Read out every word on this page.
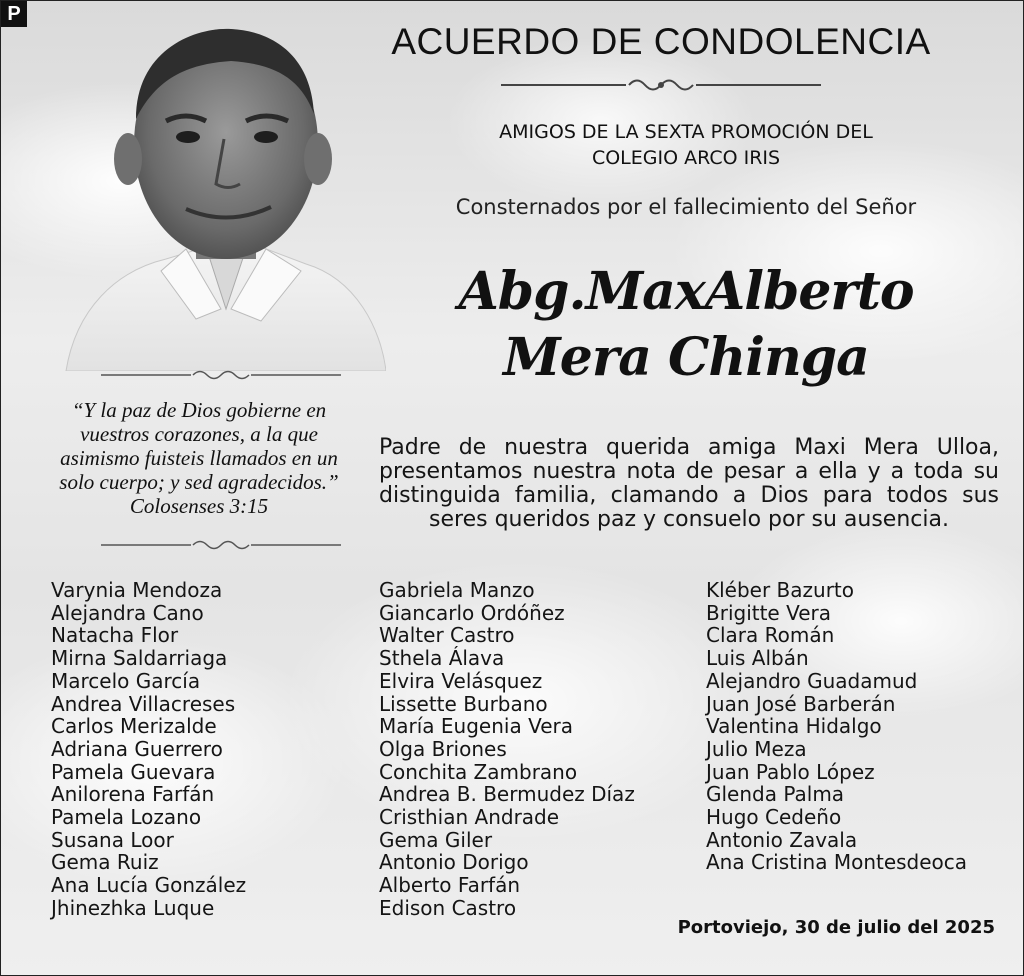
P
ACUERDO DE CONDOLENCIA
AMIGOS DE LA SEXTA PROMOCIÓN DEL
COLEGIO ARCO IRIS
Consternados por el fallecimiento del Señor
Abg.MaxAlberto
Mera Chinga
Padre de nuestra querida amiga Maxi Mera Ulloa, presentamos nuestra nota de pesar a ella y a toda su distinguida familia, clamando a Dios para todos sus seres queridos paz y consuelo por su ausencia.
“Y la paz de Dios gobierne en
vuestros corazones, a la que
asimismo fuisteis llamados en un
solo cuerpo; y sed agradecidos.”
Colosenses 3:15
Varynia Mendoza
Alejandra Cano
Natacha Flor
Mirna Saldarriaga
Marcelo García
Andrea Villacreses
Carlos Merizalde
Adriana Guerrero
Pamela Guevara
Anilorena Farfán
Pamela Lozano
Susana Loor
Gema Ruiz
Ana Lucía González
Jhinezhka Luque
Gabriela Manzo
Giancarlo Ordóñez
Walter Castro
Sthela Álava
Elvira Velásquez
Lissette Burbano
María Eugenia Vera
Olga Briones
Conchita Zambrano
Andrea B. Bermudez Díaz
Cristhian Andrade
Gema Giler
Antonio Dorigo
Alberto Farfán
Edison Castro
Kléber Bazurto
Brigitte Vera
Clara Román
Luis Albán
Alejandro Guadamud
Juan José Barberán
Valentina Hidalgo
Julio Meza
Juan Pablo López
Glenda Palma
Hugo Cedeño
Antonio Zavala
Ana Cristina Montesdeoca
Portoviejo, 30 de julio del 2025
